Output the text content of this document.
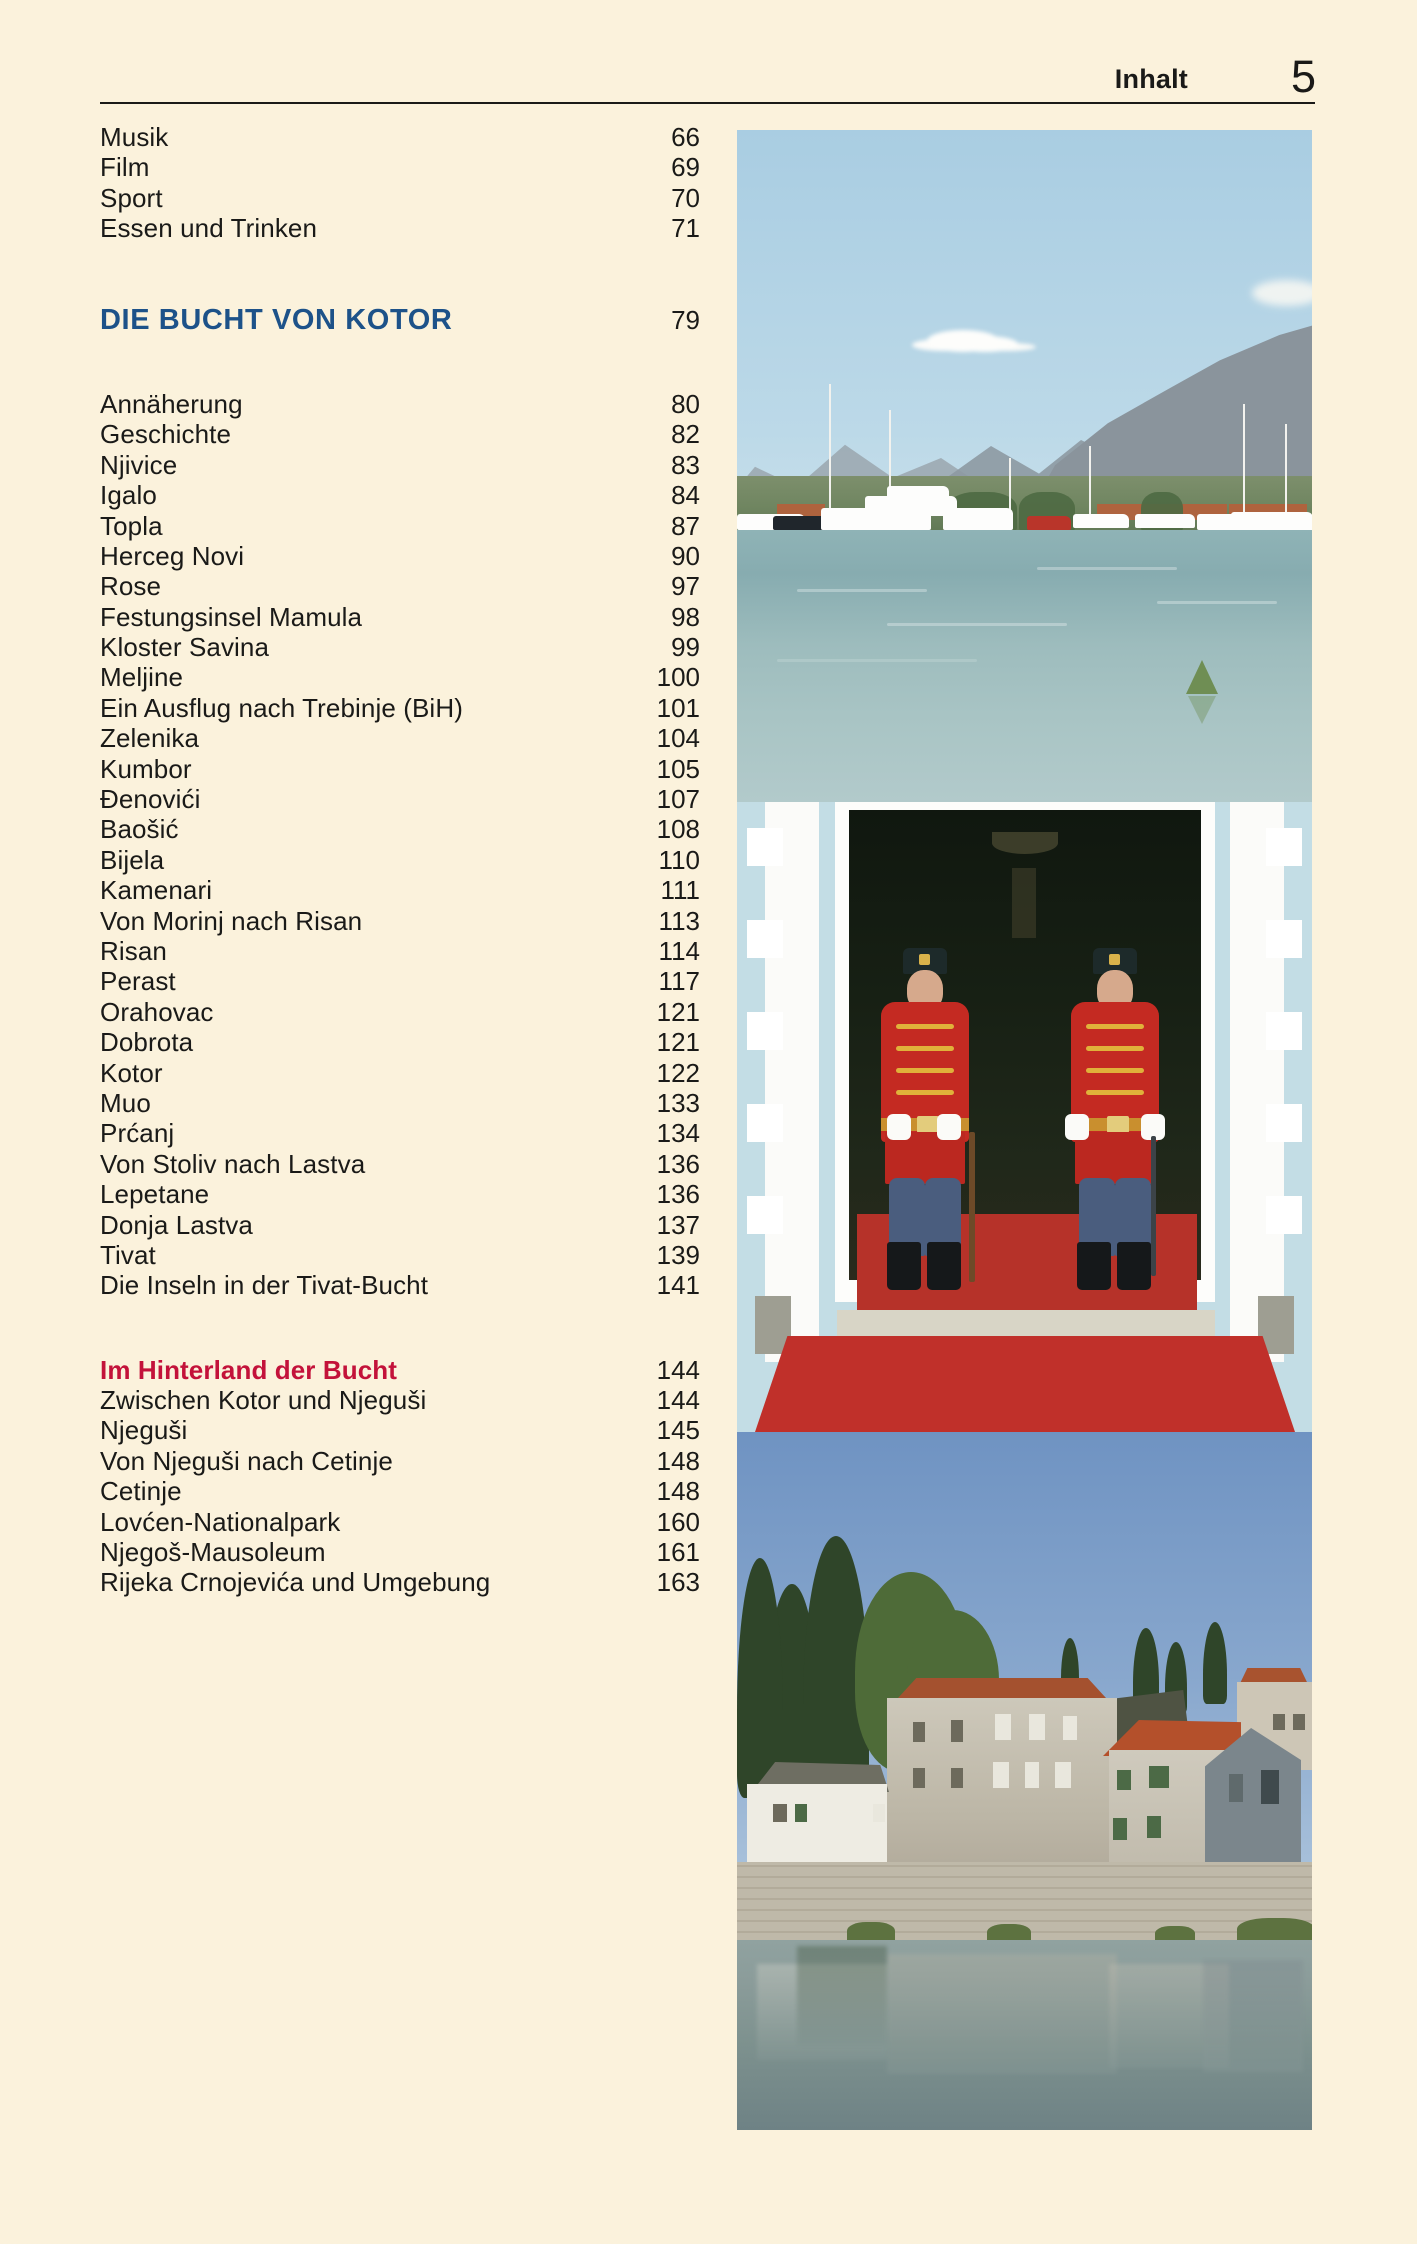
Inhalt 5
Musik	66
Film	69
Sport	70
Essen und Trinken	71
DIE BUCHT VON KOTOR	79
Annäherung	80
Geschichte	82
Njivice	83
Igalo	84
Topla	87
Herceg Novi	90
Rose	97
Festungsinsel Mamula	98
Kloster Savina	99
Meljine	100
Ein Ausflug nach Trebinje (BiH)	101
Zelenika	104
Kumbor	105
Đenovići	107
Baošić	108
Bijela	110
Kamenari	111
Von Morinj nach Risan	113
Risan	114
Perast	117
Orahovac	121
Dobrota	121
Kotor	122
Muo	133
Prćanj	134
Von Stoliv nach Lastva	136
Lepetane	136
Donja Lastva	137
Tivat	139
Die Inseln in der Tivat-Bucht	141
Im Hinterland der Bucht	144
Zwischen Kotor und Njeguši	144
Njeguši	145
Von Njeguši nach Cetinje	148
Cetinje	148
Lovćen-Nationalpark	160
Njegoš-Mausoleum	161
Rijeka Crnojevića und Umgebung	163
